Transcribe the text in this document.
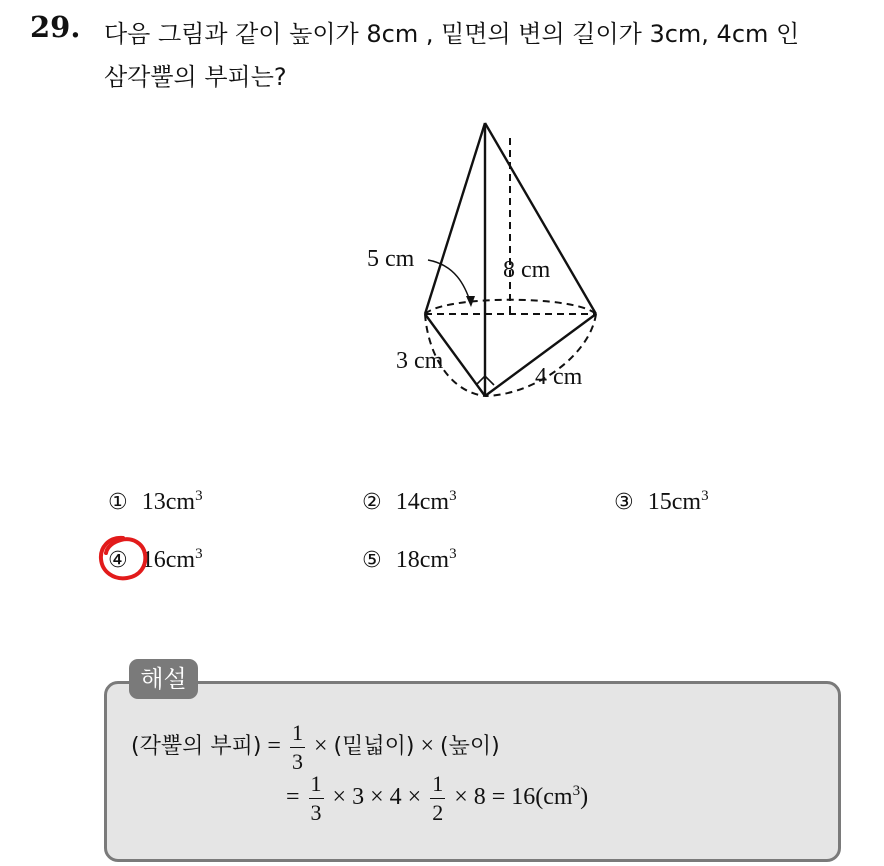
29. 다음 그림과 같이 높이가 8cm , 밑면의 변의 길이가 3cm, 4cm 인
삼각뿔의 부피는?
5 cm	8 cm
3 cm
4 cm
① $13cm^3$	② $14cm^3$	③ $15cm^3$
④ $16cm^3$	⑤ $18cm^3$
해설
(각뿔의 부피) = $\frac{1}{3}$ × (밑넓이) × (높이)
= $\frac{1}{3} \times 3 \times 4 \times \frac{1}{2} \times 8 = 16(cm^3)$
